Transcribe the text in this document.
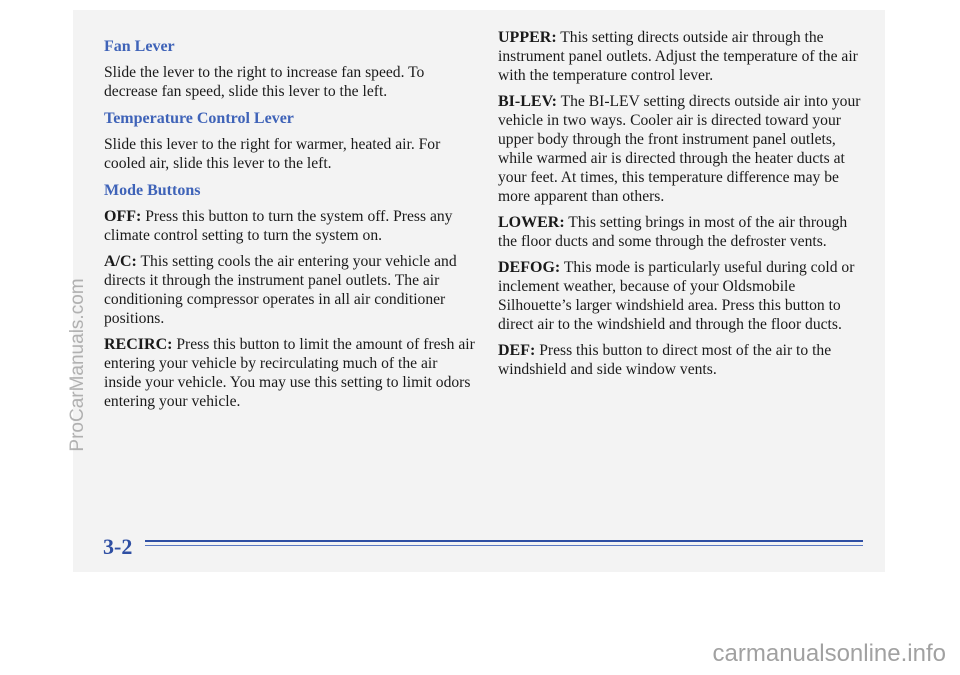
Fan Lever

Slide the lever to the right to increase fan speed. To decrease fan speed, slide this lever to the left.

Temperature Control Lever

Slide this lever to the right for warmer, heated air. For cooled air, slide this lever to the left.

Mode Buttons

OFF: Press this button to turn the system off. Press any climate control setting to turn the system on.

A/C: This setting cools the air entering your vehicle and directs it through the instrument panel outlets. The air conditioning compressor operates in all air conditioner positions.

RECIRC: Press this button to limit the amount of fresh air entering your vehicle by recirculating much of the air inside your vehicle. You may use this setting to limit odors entering your vehicle.

UPPER: This setting directs outside air through the instrument panel outlets. Adjust the temperature of the air with the temperature control lever.

BI-LEV: The BI-LEV setting directs outside air into your vehicle in two ways. Cooler air is directed toward your upper body through the front instrument panel outlets, while warmed air is directed through the heater ducts at your feet. At times, this temperature difference may be more apparent than others.

LOWER: This setting brings in most of the air through the floor ducts and some through the defroster vents.

DEFOG: This mode is particularly useful during cold or inclement weather, because of your Oldsmobile Silhouette’s larger windshield area. Press this button to direct air to the windshield and through the floor ducts.

DEF: Press this button to direct most of the air to the windshield and side window vents.

3-2
ProCarManuals.com
carmanualsonline.info
